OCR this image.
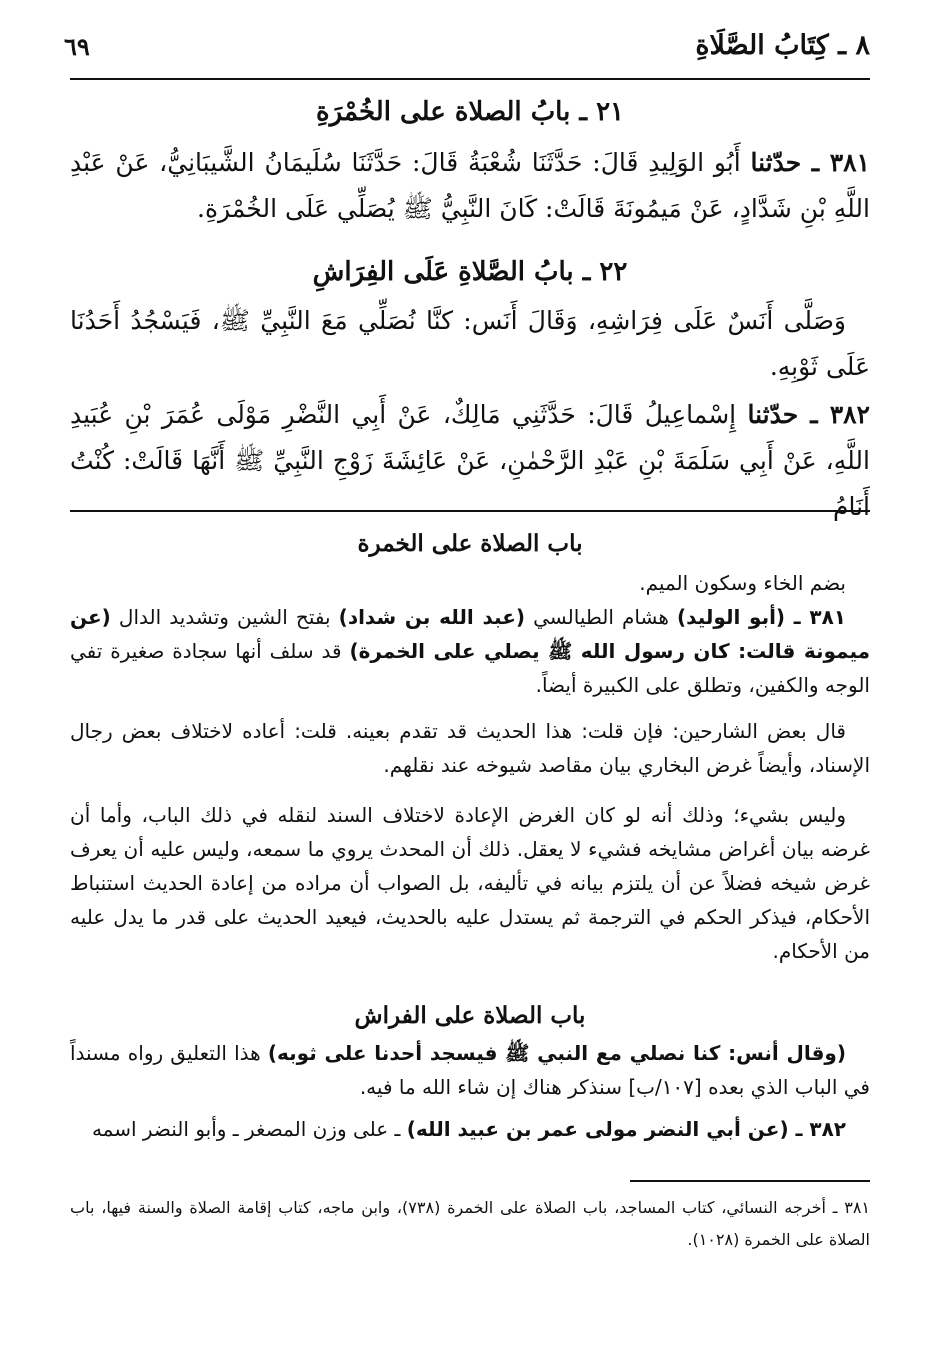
٨ ـ كِتَابُ الصَّلَاةِ
٦٩
٢١ ـ بابُ الصلاة على الخُمْرَةِ
٣٨١ ـ حدّثنا أَبُو الوَلِيدِ قَالَ: حَدَّثَنَا شُعْبَةُ قَالَ: حَدَّثَنَا سُلَيمَانُ الشَّيبَانِيُّ، عَنْ عَبْدِ اللَّهِ بْنِ شَدَّادٍ، عَنْ مَيمُونَةَ قَالَتْ: كَانَ النَّبِيُّ ﷺ يُصَلِّي عَلَى الخُمْرَةِ.
٢٢ ـ بابُ الصَّلاةِ عَلَى الفِرَاشِ
وَصَلَّى أَنَسٌ عَلَى فِرَاشِهِ، وَقَالَ أَنَس: كنَّا نُصَلِّي مَعَ النَّبِيِّ ﷺ، فَيَسْجُدُ أَحَدُنَا عَلَى ثَوْبِهِ.
٣٨٢ ـ حدّثنا إِسْماعِيلُ قَالَ: حَدَّثَنِي مَالِكٌ، عَنْ أَبِي النَّضْرِ مَوْلَى عُمَرَ بْنِ عُبَيدِ اللَّهِ، عَنْ أَبِي سَلَمَةَ بْنِ عَبْدِ الرَّحْمٰنِ، عَنْ عَائِشَةَ زَوْجِ النَّبِيِّ ﷺ أَنَّهَا قَالَتْ: كُنْتُ أَنَامُ
باب الصلاة على الخمرة
بضم الخاء وسكون الميم.
٣٨١ ـ (أبو الوليد) هشام الطيالسي (عبد الله بن شداد) بفتح الشين وتشديد الدال (عن ميمونة قالت: كان رسول الله ﷺ يصلي على الخمرة) قد سلف أنها سجادة صغيرة تفي الوجه والكفين، وتطلق على الكبيرة أيضاً.
قال بعض الشارحين: فإن قلت: هذا الحديث قد تقدم بعينه. قلت: أعاده لاختلاف بعض رجال الإسناد، وأيضاً غرض البخاري بيان مقاصد شيوخه عند نقلهم.
وليس بشيء؛ وذلك أنه لو كان الغرض الإعادة لاختلاف السند لنقله في ذلك الباب، وأما أن غرضه بيان أغراض مشايخه فشيء لا يعقل. ذلك أن المحدث يروي ما سمعه، وليس عليه أن يعرف غرض شيخه فضلاً عن أن يلتزم بيانه في تأليفه، بل الصواب أن مراده من إعادة الحديث استنباط الأحكام، فيذكر الحكم في الترجمة ثم يستدل عليه بالحديث، فيعيد الحديث على قدر ما يدل عليه من الأحكام.
باب الصلاة على الفراش
(وقال أنس: كنا نصلي مع النبي ﷺ فيسجد أحدنا على ثوبه) هذا التعليق رواه مسنداً في الباب الذي بعده [١٠٧/ب] سنذكر هناك إن شاء الله ما فيه.
٣٨٢ ـ (عن أبي النضر مولى عمر بن عبيد الله) ـ على وزن المصغر ـ وأبو النضر اسمه
٣٨١ ـ أخرجه النسائي، كتاب المساجد، باب الصلاة على الخمرة (٧٣٨)، وابن ماجه، كتاب إقامة الصلاة والسنة فيها، باب الصلاة على الخمرة (١٠٢٨).
